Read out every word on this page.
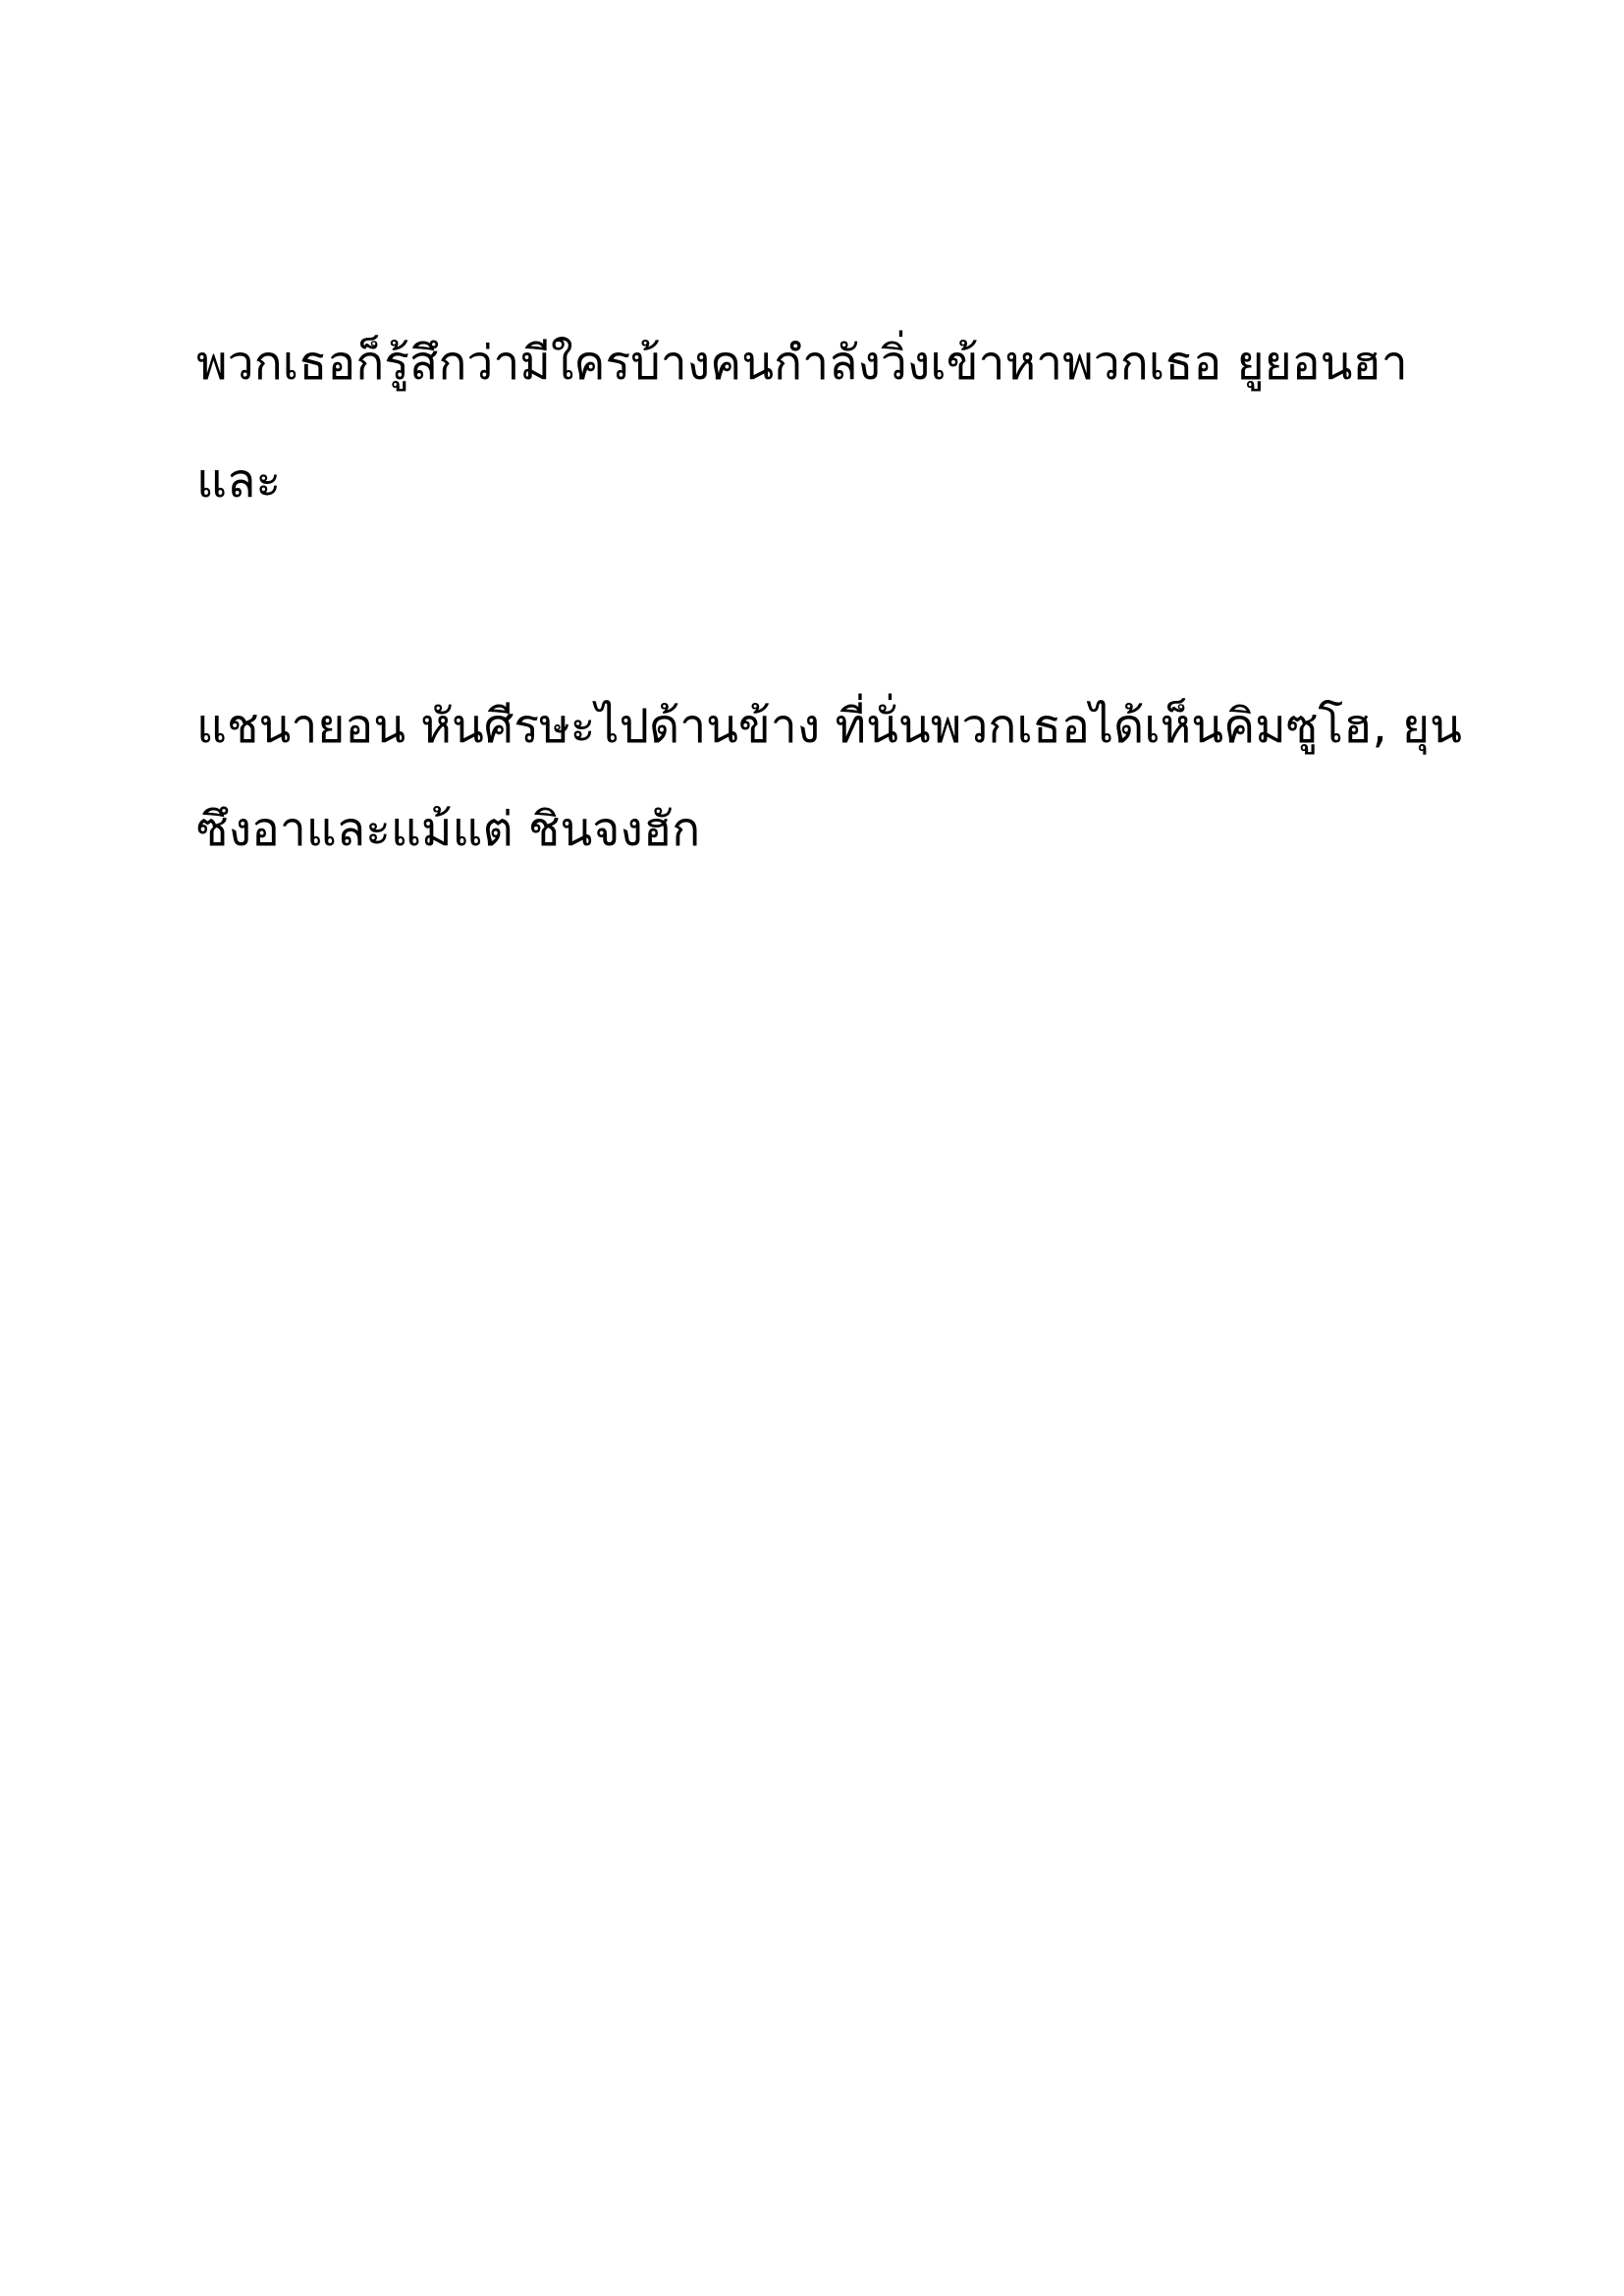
พวกเธอก็รู้สึกว่ามีใครบ้างคนกำลังวิ่งเข้าหาพวกเธอ ยูยอนฮา
และ
แชนายอน หันศีรษะไปด้านข้าง ที่นั่นพวกเธอได้เห็นคิมซูโฮ, ยุน
ซึงอาและแม้แต่ ชินจงฮัก
